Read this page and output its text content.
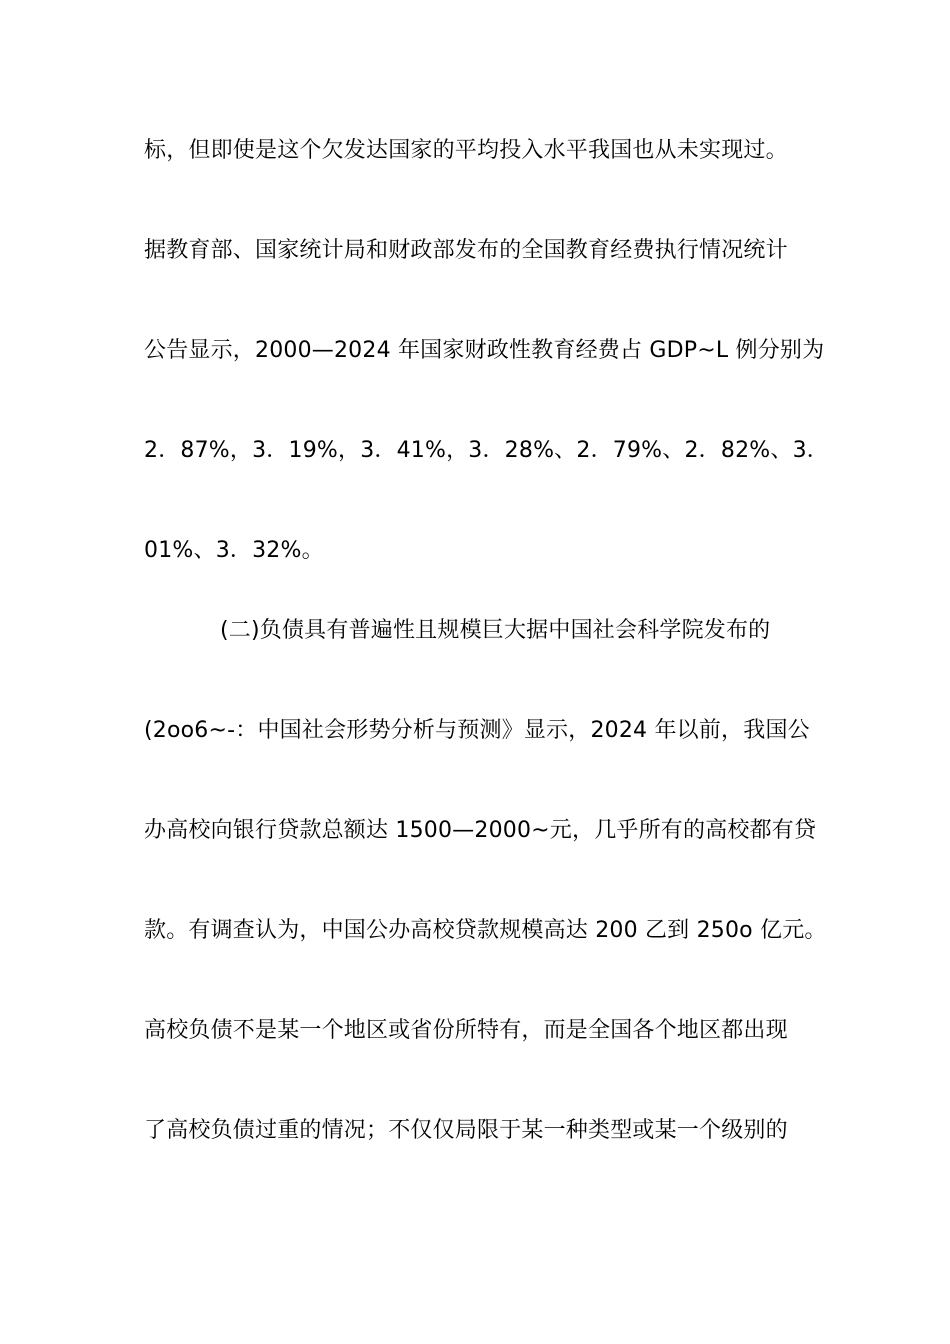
标，但即使是这个欠发达国家的平均投入水平我国也从未实现过。
据教育部、国家统计局和财政部发布的全国教育经费执行情况统计
公告显示，2000—2024 年国家财政性教育经费占 GDP~L 例分别为
2．87%，3．19%，3．41%，3．28%、2．79%、2．82%、3．
01%、3．32%。
(二)负债具有普遍性且规模巨大据中国社会科学院发布的
(2oo6~-：中国社会形势分析与预测》显示，2024 年以前，我国公
办高校向银行贷款总额达 1500—2000~元，几乎所有的高校都有贷
款。有调查认为，中国公办高校贷款规模高达 200 乙到 250o 亿元。
高校负债不是某一个地区或省份所特有，而是全国各个地区都出现
了高校负债过重的情况；不仅仅局限于某一种类型或某一个级别的
